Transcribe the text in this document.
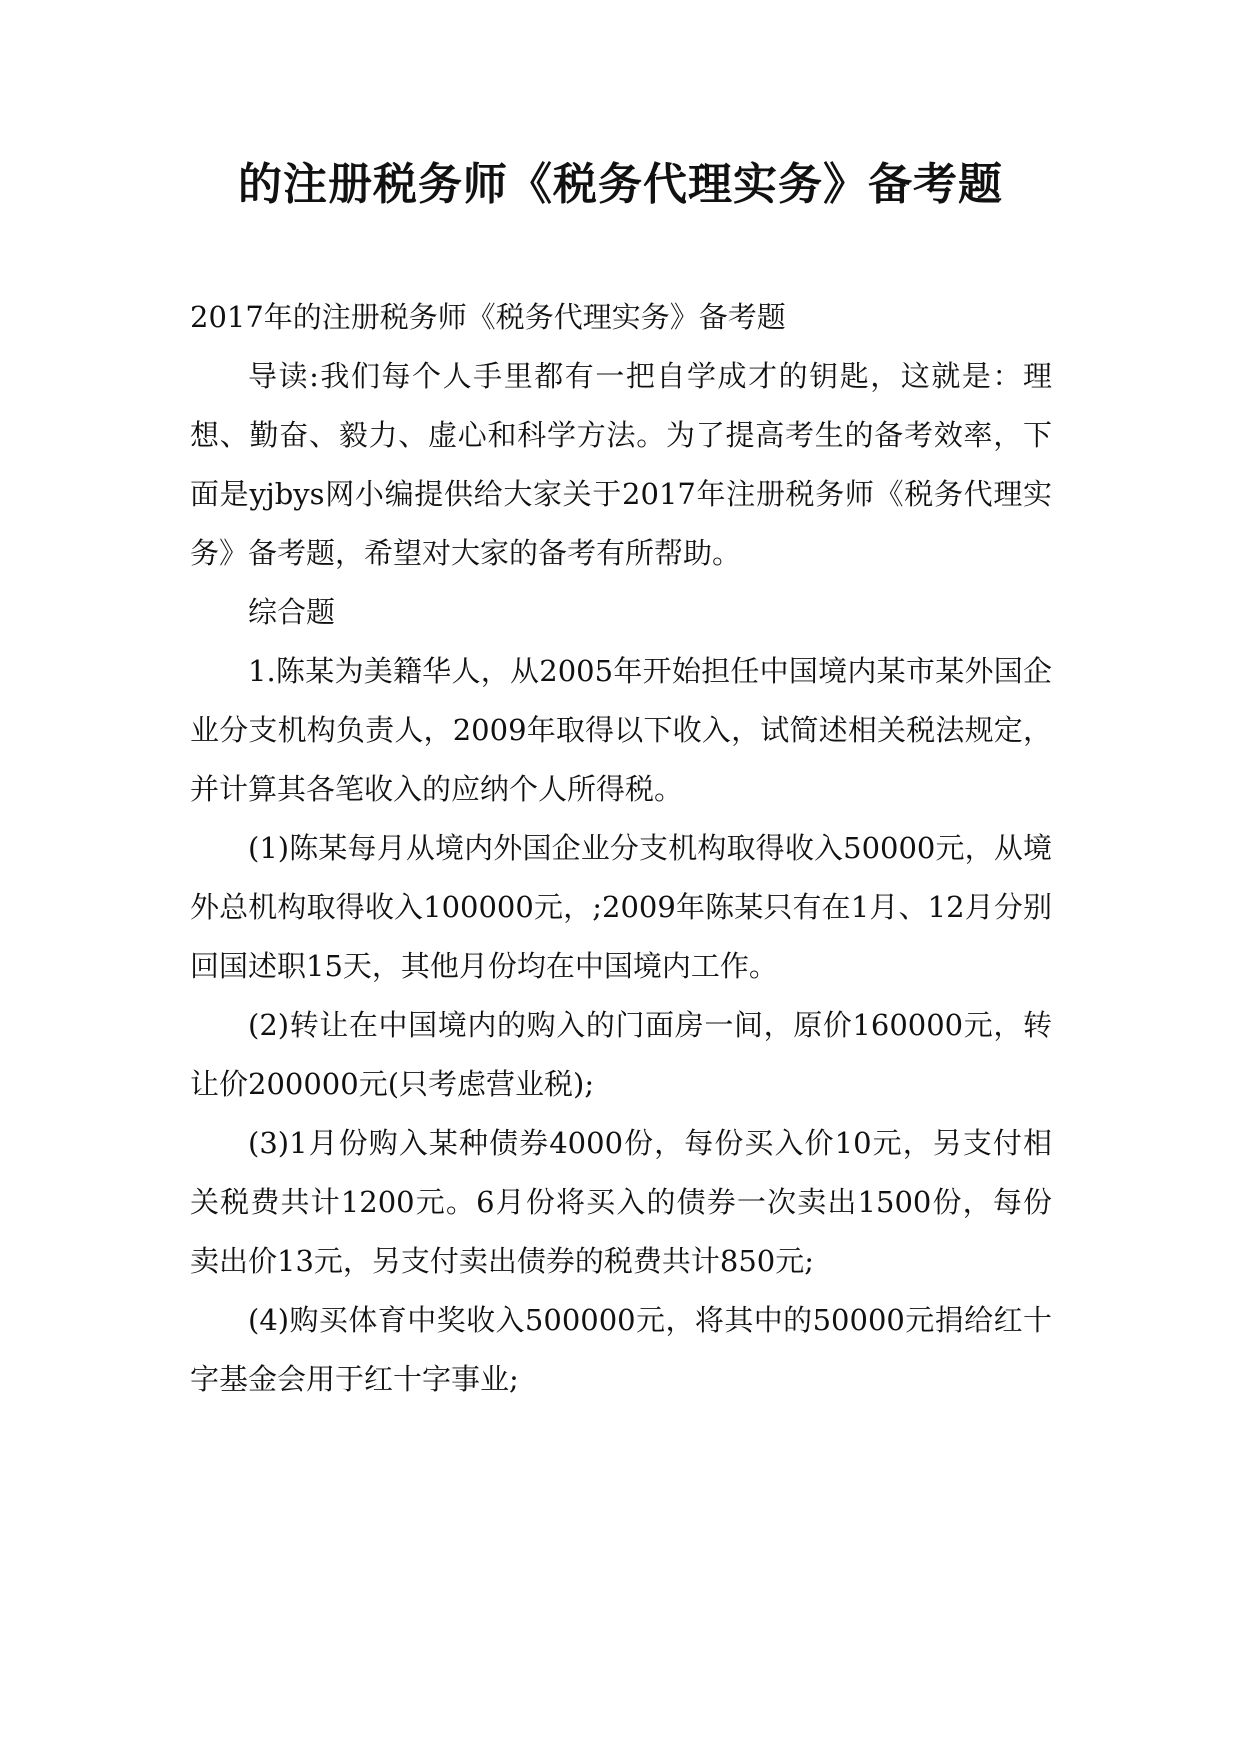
的注册税务师《税务代理实务》备考题

2017年的注册税务师《税务代理实务》备考题

导读:我们每个人手里都有一把自学成才的钥匙，这就是：理想、勤奋、毅力、虚心和科学方法。为了提高考生的备考效率，下面是yjbys网小编提供给大家关于2017年注册税务师《税务代理实务》备考题，希望对大家的备考有所帮助。

综合题

1.陈某为美籍华人，从2005年开始担任中国境内某市某外国企业分支机构负责人，2009年取得以下收入，试简述相关税法规定，并计算其各笔收入的应纳个人所得税。

(1)陈某每月从境内外国企业分支机构取得收入50000元，从境外总机构取得收入100000元，;2009年陈某只有在1月、12月分别回国述职15天，其他月份均在中国境内工作。

(2)转让在中国境内的购入的门面房一间，原价160000元，转让价200000元(只考虑营业税);

(3)1月份购入某种债券4000份，每份买入价10元，另支付相关税费共计1200元。6月份将买入的债券一次卖出1500份，每份卖出价13元，另支付卖出债券的税费共计850元;

(4)购买体育中奖收入500000元，将其中的50000元捐给红十字基金会用于红十字事业;
